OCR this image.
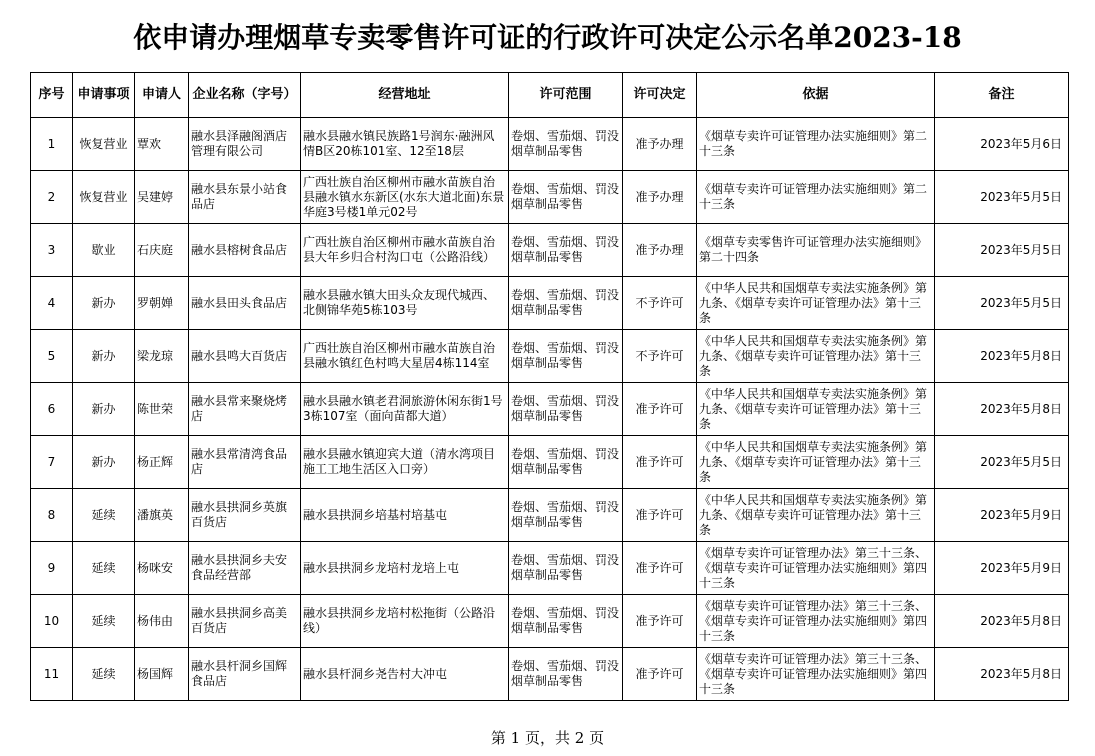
依申请办理烟草专卖零售许可证的行政许可决定公示名单2023-18
序号	申请事项	申请人	企业名称（字号）	经营地址	许可范围	许可决定	依据	备注
1	恢复营业	覃欢	融水县泽融阁酒店管理有限公司	融水县融水镇民族路1号润东·融洲风情B区20栋101室、12至18层	卷烟、雪茄烟、罚没烟草制品零售	准予办理	《烟草专卖许可证管理办法实施细则》第二十三条	2023年5月6日
2	恢复营业	吴建婷	融水县东景小站食品店	广西壮族自治区柳州市融水苗族自治县融水镇水东新区(水东大道北面)东景华庭3号楼1单元02号	卷烟、雪茄烟、罚没烟草制品零售	准予办理	《烟草专卖许可证管理办法实施细则》第二十三条	2023年5月5日
3	歇业	石庆庭	融水县榕树食品店	广西壮族自治区柳州市融水苗族自治县大年乡归合村沟口屯（公路沿线）	卷烟、雪茄烟、罚没烟草制品零售	准予办理	《烟草专卖零售许可证管理办法实施细则》第二十四条	2023年5月5日
4	新办	罗朝婵	融水县田头食品店	融水县融水镇大田头众友现代城西、北侧锦华苑5栋103号	卷烟、雪茄烟、罚没烟草制品零售	不予许可	《中华人民共和国烟草专卖法实施条例》第九条、《烟草专卖许可证管理办法》第十三条	2023年5月5日
5	新办	梁龙琼	融水县鸣大百货店	广西壮族自治区柳州市融水苗族自治县融水镇红色村鸣大星居4栋114室	卷烟、雪茄烟、罚没烟草制品零售	不予许可	《中华人民共和国烟草专卖法实施条例》第九条、《烟草专卖许可证管理办法》第十三条	2023年5月8日
6	新办	陈世荣	融水县常来聚烧烤店	融水县融水镇老君洞旅游休闲东街1号3栋107室（面向苗都大道）	卷烟、雪茄烟、罚没烟草制品零售	准予许可	《中华人民共和国烟草专卖法实施条例》第九条、《烟草专卖许可证管理办法》第十三条	2023年5月8日
7	新办	杨正辉	融水县常清湾食品店	融水县融水镇迎宾大道（清水湾项目施工工地生活区入口旁）	卷烟、雪茄烟、罚没烟草制品零售	准予许可	《中华人民共和国烟草专卖法实施条例》第九条、《烟草专卖许可证管理办法》第十三条	2023年5月5日
8	延续	潘旗英	融水县拱洞乡英旗百货店	融水县拱洞乡培基村培基屯	卷烟、雪茄烟、罚没烟草制品零售	准予许可	《中华人民共和国烟草专卖法实施条例》第九条、《烟草专卖许可证管理办法》第十三条	2023年5月9日
9	延续	杨咪安	融水县拱洞乡夫安食品经营部	融水县拱洞乡龙培村龙培上屯	卷烟、雪茄烟、罚没烟草制品零售	准予许可	《烟草专卖许可证管理办法》第三十三条、《烟草专卖许可证管理办法实施细则》第四十三条	2023年5月9日
10	延续	杨伟由	融水县拱洞乡高美百货店	融水县拱洞乡龙培村松拖街（公路沿线）	卷烟、雪茄烟、罚没烟草制品零售	准予许可	《烟草专卖许可证管理办法》第三十三条、《烟草专卖许可证管理办法实施细则》第四十三条	2023年5月8日
11	延续	杨国辉	融水县杆洞乡国辉食品店	融水县杆洞乡尧告村大冲屯	卷烟、雪茄烟、罚没烟草制品零售	准予许可	《烟草专卖许可证管理办法》第三十三条、《烟草专卖许可证管理办法实施细则》第四十三条	2023年5月8日
第 1 页，共 2 页
